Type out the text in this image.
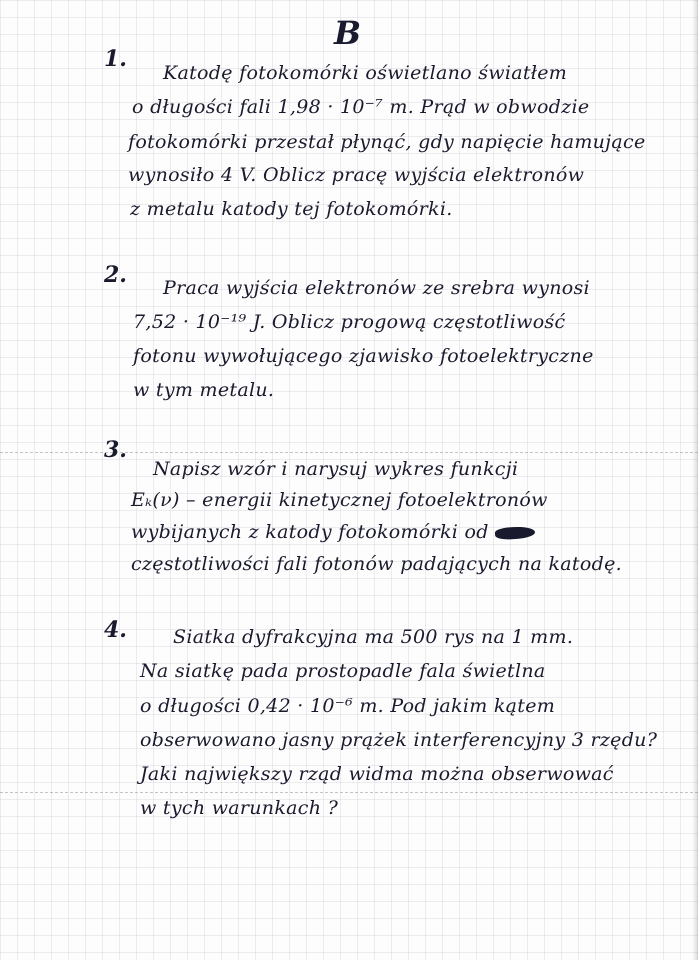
B
1.
Katodę fotokomórki oświetlano światłem
o długości fali 1,98 · 10⁻⁷ m. Prąd w obwodzie
fotokomórki przestał płynąć, gdy napięcie hamujące
wynosiło 4 V. Oblicz pracę wyjścia elektronów
z metalu katody tej fotokomórki.
2. Praca wyjścia elektronów ze srebra wynosi
7,52 · 10⁻¹⁹ J. Oblicz progową częstotliwość
fotonu wywołującego zjawisko fotoelektryczne
w tym metalu.
3.
Napisz wzór i narysuj wykres funkcji
Eₖ(ν) – energii kinetycznej fotoelektronów
wybijanych z katody fotokomórki od
częstotliwości fali fotonów padających na katodę.
4. Siatka dyfrakcyjna ma 500 rys na 1 mm.
Na siatkę pada prostopadle fala świetlna
o długości 0,42 · 10⁻⁶ m. Pod jakim kątem
obserwowano jasny prążek interferencyjny 3 rzędu?
Jaki największy rząd widma można obserwować
w tych warunkach ?
